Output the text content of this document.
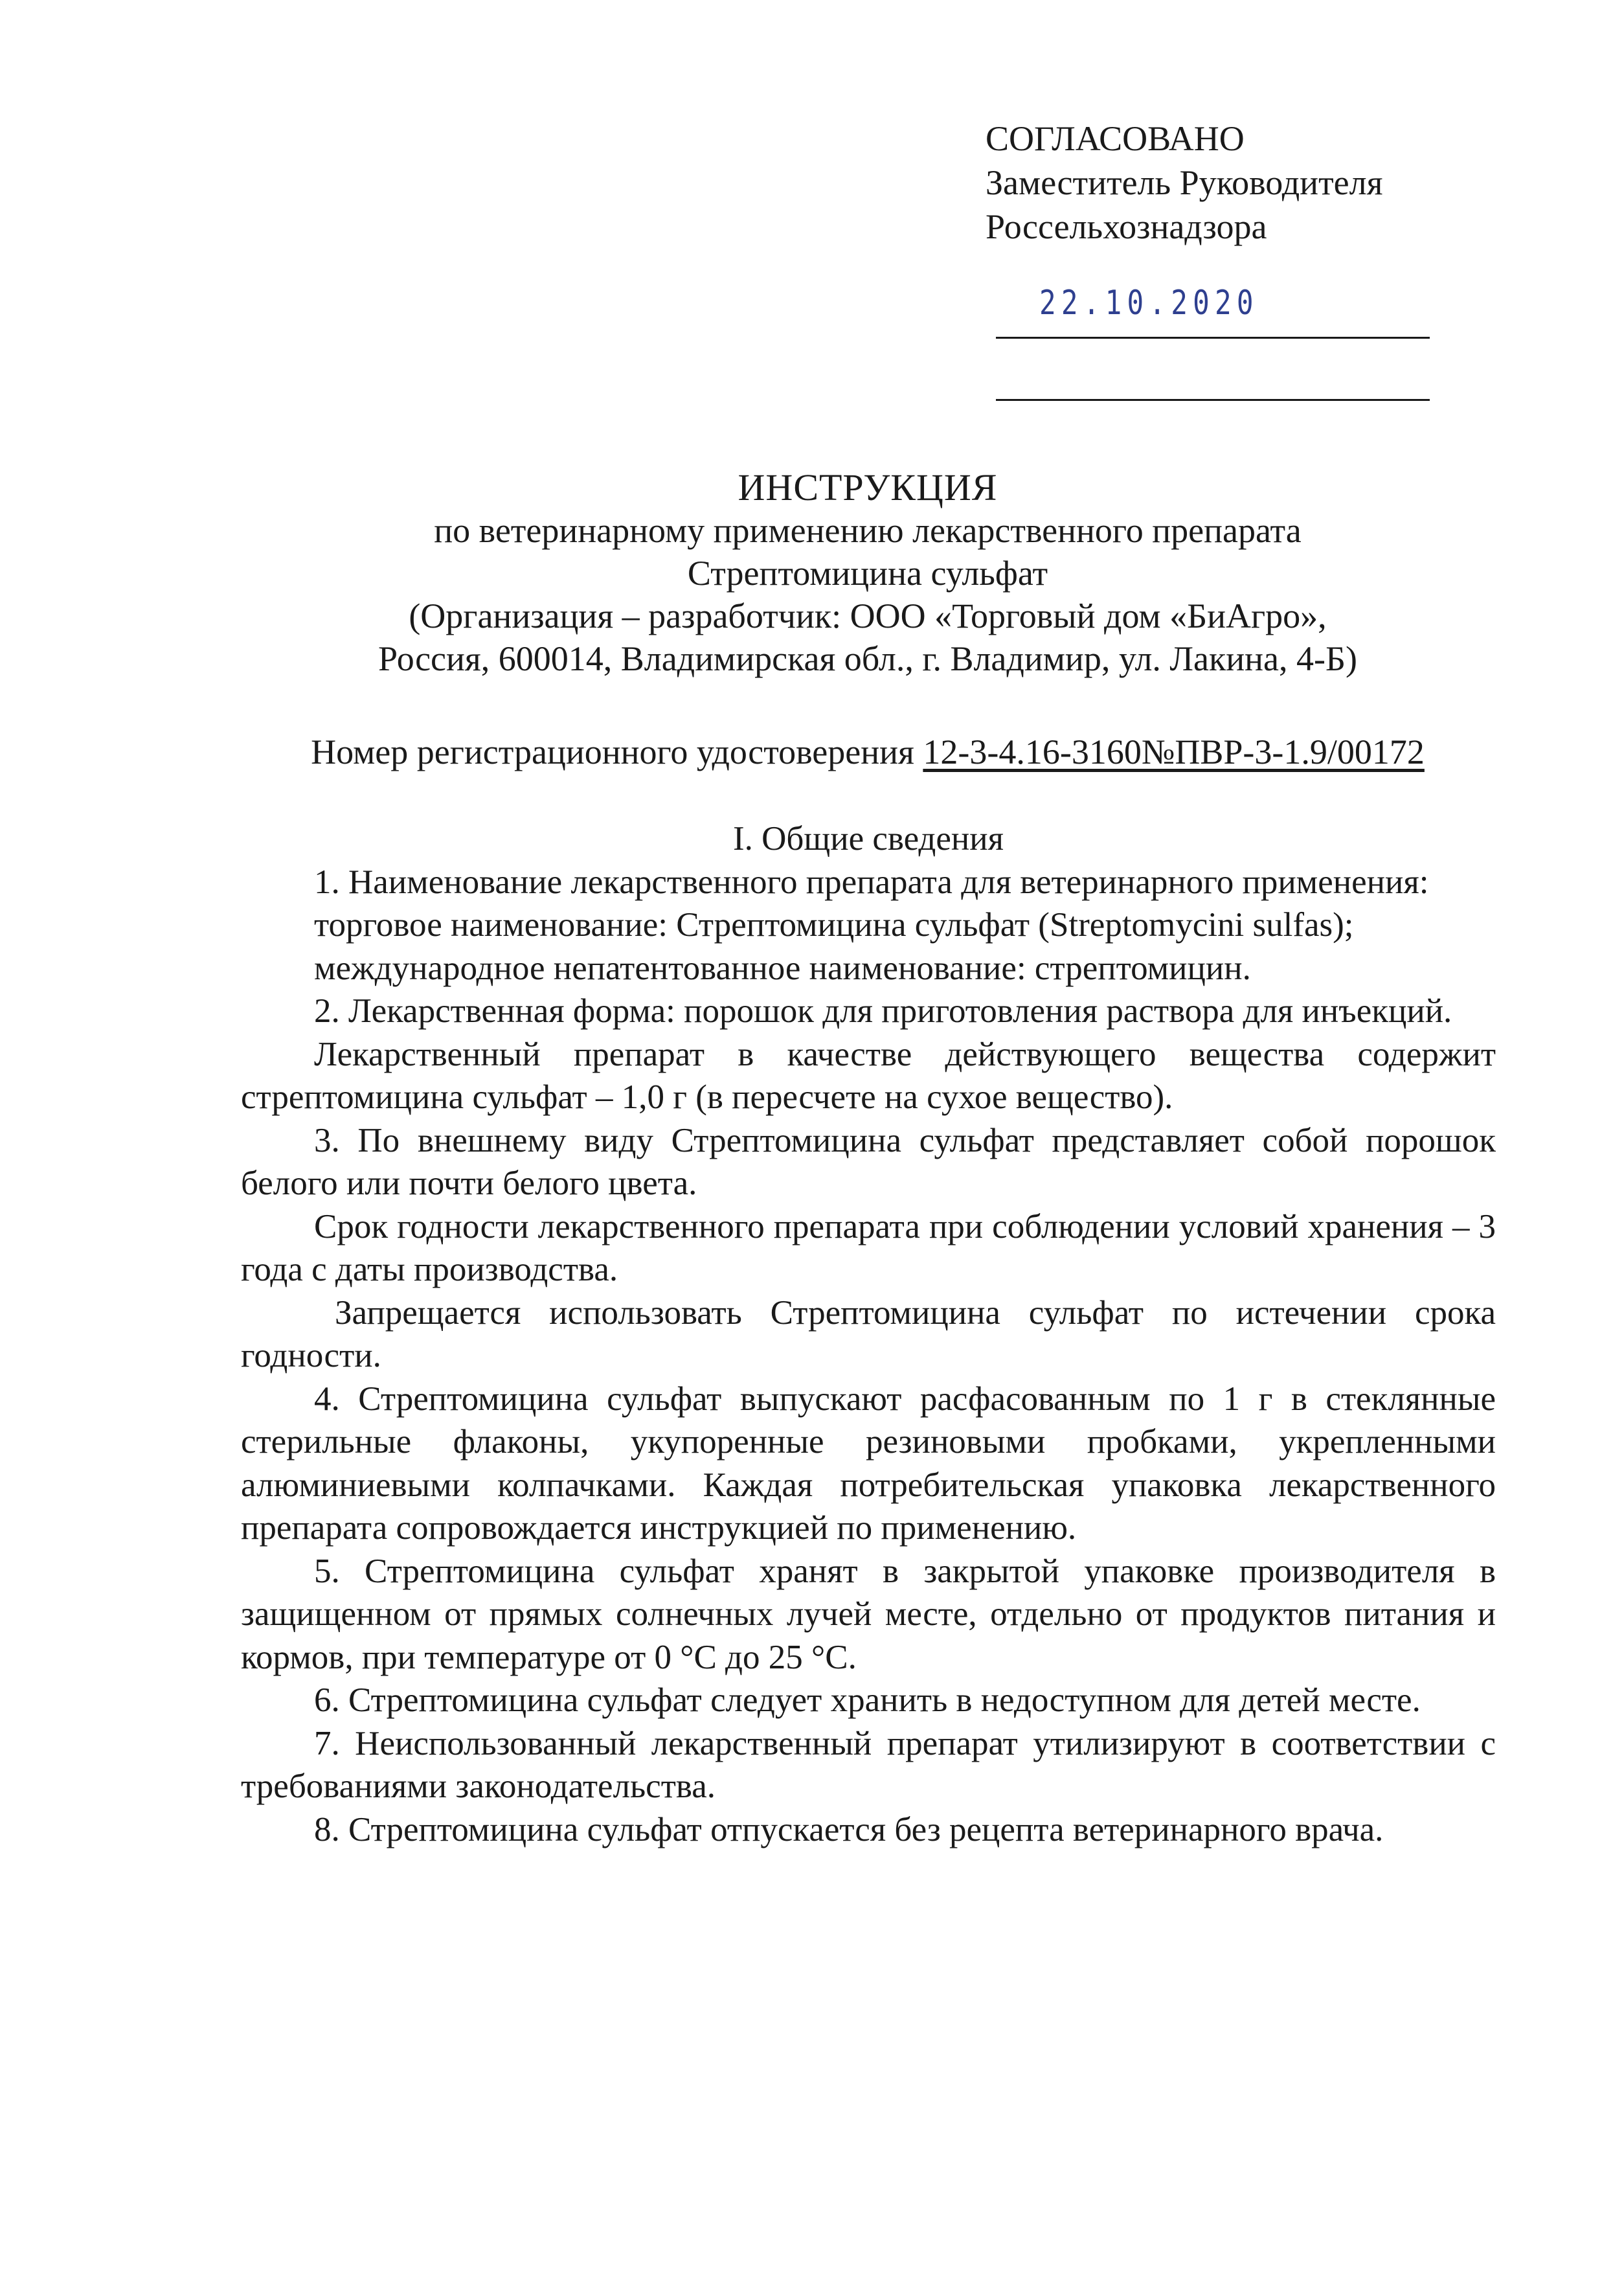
СОГЛАСОВАНО
Заместитель Руководителя
Россельхознадзора
22.10.2020
ИНСТРУКЦИЯ
по ветеринарному применению лекарственного препарата
Стрептомицина сульфат
(Организация – разработчик: ООО «Торговый дом «БиАгро»,
Россия, 600014, Владимирская обл., г. Владимир, ул. Лакина, 4-Б)
Номер регистрационного удостоверения 12-3-4.16-3160№ПВР-3-1.9/00172

I. Общие сведения

1. Наименование лекарственного препарата для ветеринарного применения:

торговое наименование: Стрептомицина сульфат (Streptomycini sulfas);

международное непатентованное наименование: стрептомицин.

2. Лекарственная форма: порошок для приготовления раствора для инъекций.

Лекарственный препарат в качестве действующего вещества содержит стрептомицина сульфат – 1,0 г (в пересчете на сухое вещество).

3. По внешнему виду Стрептомицина сульфат представляет собой порошок белого или почти белого цвета.

Срок годности лекарственного препарата при соблюдении условий хранения – 3 года с даты производства.

Запрещается использовать Стрептомицина сульфат по истечении срока годности.

4. Стрептомицина сульфат выпускают расфасованным по 1 г в стеклянные стерильные флаконы, укупоренные резиновыми пробками, укрепленными алюминиевыми колпачками. Каждая потребительская упаковка лекарственного препарата сопровождается инструкцией по применению.

5. Стрептомицина сульфат хранят в закрытой упаковке производителя в защищенном от прямых солнечных лучей месте, отдельно от продуктов питания и кормов, при температуре от 0 °С до 25 °С.

6. Стрептомицина сульфат следует хранить в недоступном для детей месте.

7. Неиспользованный лекарственный препарат утилизируют в соответствии с требованиями законодательства.

8. Стрептомицина сульфат отпускается без рецепта ветеринарного врача.
